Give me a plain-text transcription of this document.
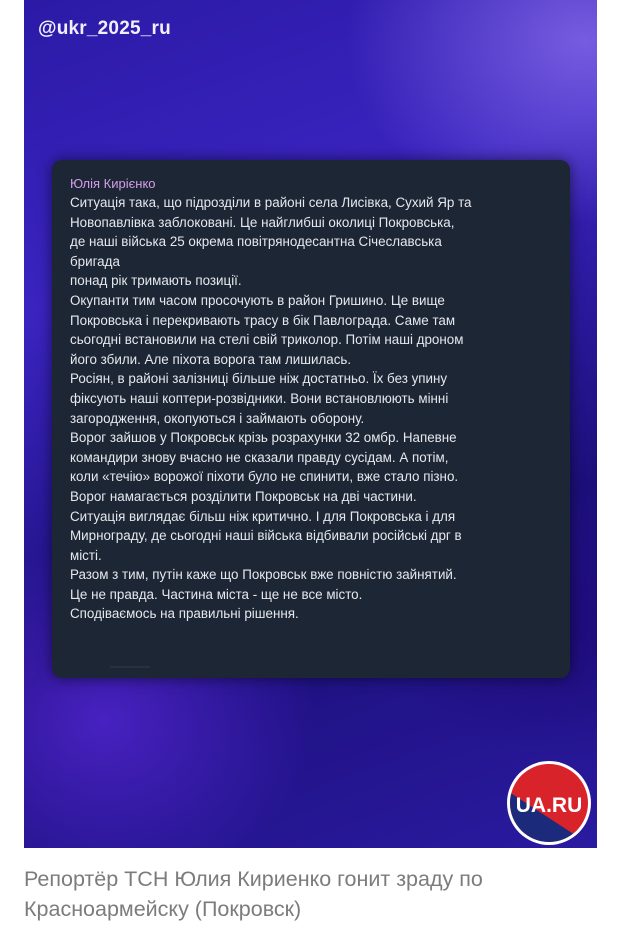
@ukr_2025_ru
Юлія Кирієнко
Ситуація така, що підрозділи в районі села Лисівка, Сухий Яр та
Новопавлівка заблоковані. Це найглибші околиці Покровська,
де наші війська 25 окрема повітрянодесантна Січеславська
бригада
понад рік тримають позиції.
Окупанти тим часом просочують в район Гришино. Це вище
Покровська і перекривають трасу в бік Павлограда. Саме там
сьогодні встановили на стелі свій триколор. Потім наші дроном
його збили. Але піхота ворога там лишилась.
Росіян, в районі залізниці більше ніж достатньо. Їх без упину
фіксують наші коптери-розвідники. Вони встановлюють мінні
загородження, окопуються і займають оборону.
Ворог зайшов у Покровськ крізь розрахунки 32 омбр. Напевне
командири знову вчасно не сказали правду сусідам. А потім,
коли «течію» ворожої піхоти було не спинити, вже стало пізно.
Ворог намагається розділити Покровськ на дві частини.
Ситуація виглядає більш ніж критично. І для Покровська і для
Мирнограду, де сьогодні наші війська відбивали російські дрг в
місті.
Разом з тим, путін каже що Покровськ вже повністю зайнятий.
Це не правда. Частина міста - ще не все місто.
Сподіваємось на правильні рішення.
UA.RU
Репортёр ТСН Юлия Кириенко гонит зраду по Красноармейску (Покровск)
